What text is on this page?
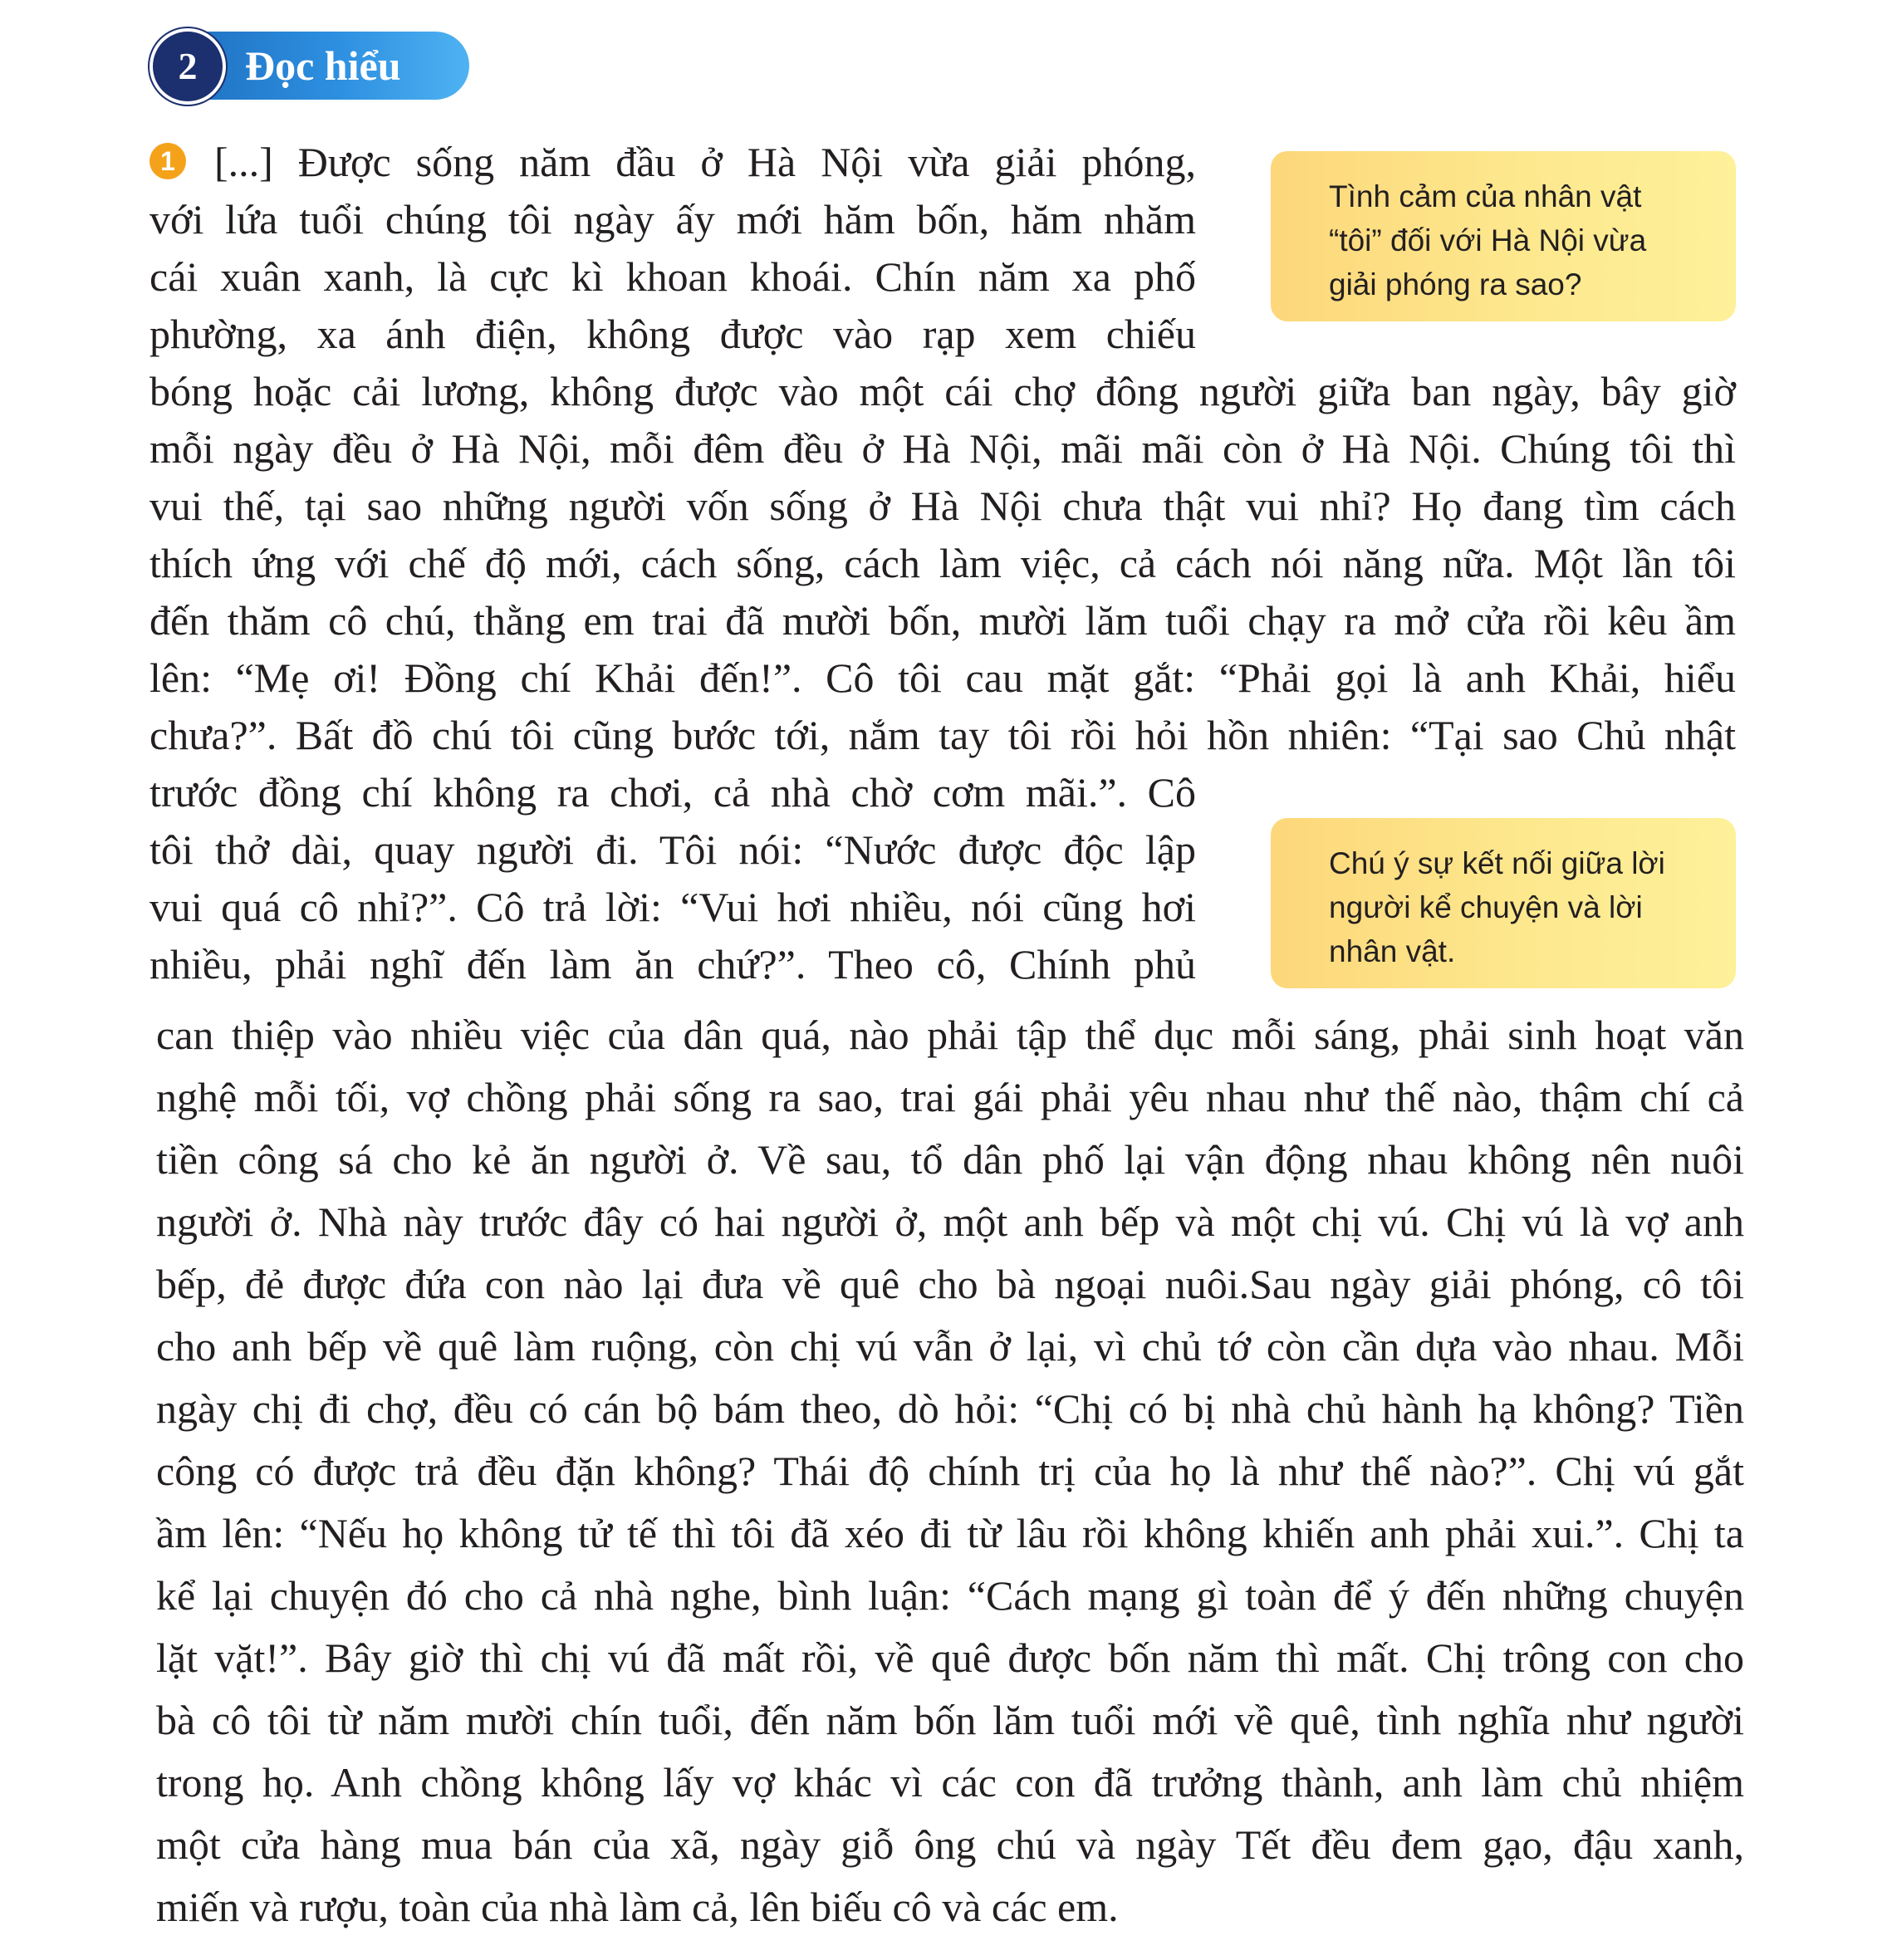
2	Đọc hiểu
1
Tình cảm của nhân vật
“tôi” đối với Hà Nội vừa
giải phóng ra sao?
Chú ý sự kết nối giữa lời
người kể chuyện và lời
nhân vật.
[...] Được sống năm đầu ở Hà Nội vừa giải phóng,
với lứa tuổi chúng tôi ngày ấy mới hăm bốn, hăm nhăm
cái xuân xanh, là cực kì khoan khoái. Chín năm xa phố
phường, xa ánh điện, không được vào rạp xem chiếu
bóng hoặc cải lương, không được vào một cái chợ đông người giữa ban ngày, bây giờ
mỗi ngày đều ở Hà Nội, mỗi đêm đều ở Hà Nội, mãi mãi còn ở Hà Nội. Chúng tôi thì
vui thế, tại sao những người vốn sống ở Hà Nội chưa thật vui nhỉ? Họ đang tìm cách
thích ứng với chế độ mới, cách sống, cách làm việc, cả cách nói năng nữa. Một lần tôi
đến thăm cô chú, thằng em trai đã mười bốn, mười lăm tuổi chạy ra mở cửa rồi kêu ầm
lên: “Mẹ ơi! Đồng chí Khải đến!”. Cô tôi cau mặt gắt: “Phải gọi là anh Khải, hiểu
chưa?”. Bất đồ chú tôi cũng bước tới, nắm tay tôi rồi hỏi hồn nhiên: “Tại sao Chủ nhật
trước đồng chí không ra chơi, cả nhà chờ cơm mãi.”. Cô
tôi thở dài, quay người đi. Tôi nói: “Nước được độc lập
vui quá cô nhỉ?”. Cô trả lời: “Vui hơi nhiều, nói cũng hơi
nhiều, phải nghĩ đến làm ăn chứ?”. Theo cô, Chính phủ
can thiệp vào nhiều việc của dân quá, nào phải tập thể dục mỗi sáng, phải sinh hoạt văn
nghệ mỗi tối, vợ chồng phải sống ra sao, trai gái phải yêu nhau như thế nào, thậm chí cả
tiền công sá cho kẻ ăn người ở. Về sau, tổ dân phố lại vận động nhau không nên nuôi
người ở. Nhà này trước đây có hai người ở, một anh bếp và một chị vú. Chị vú là vợ anh
bếp, đẻ được đứa con nào lại đưa về quê cho bà ngoại nuôi.Sau ngày giải phóng, cô tôi
cho anh bếp về quê làm ruộng, còn chị vú vẫn ở lại, vì chủ tớ còn cần dựa vào nhau. Mỗi
ngày chị đi chợ, đều có cán bộ bám theo, dò hỏi: “Chị có bị nhà chủ hành hạ không? Tiền
công có được trả đều đặn không? Thái độ chính trị của họ là như thế nào?”. Chị vú gắt
ầm lên: “Nếu họ không tử tế thì tôi đã xéo đi từ lâu rồi không khiến anh phải xui.”. Chị ta
kể lại chuyện đó cho cả nhà nghe, bình luận: “Cách mạng gì toàn để ý đến những chuyện
lặt vặt!”. Bây giờ thì chị vú đã mất rồi, về quê được bốn năm thì mất. Chị trông con cho
bà cô tôi từ năm mười chín tuổi, đến năm bốn lăm tuổi mới về quê, tình nghĩa như người
trong họ. Anh chồng không lấy vợ khác vì các con đã trưởng thành, anh làm chủ nhiệm
một cửa hàng mua bán của xã, ngày giỗ ông chú và ngày Tết đều đem gạo, đậu xanh,
miến và rượu, toàn của nhà làm cả, lên biếu cô và các em.
